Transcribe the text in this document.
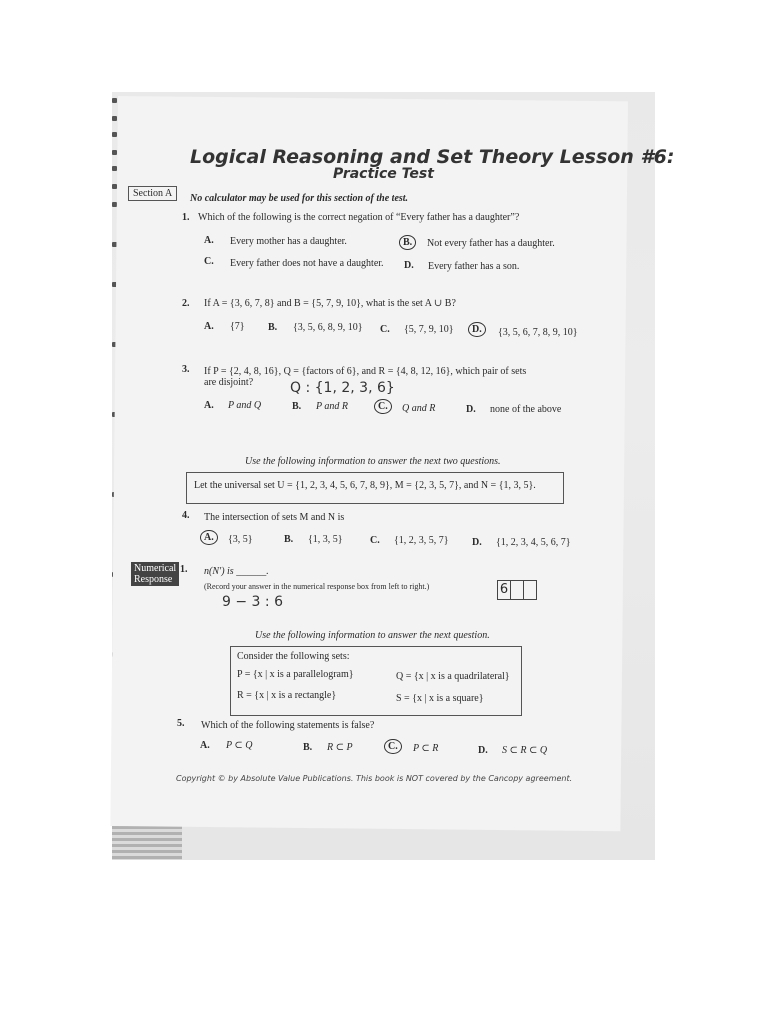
Logical Reasoning and Set Theory Lesson #6:
Practice Test
Section A	No calculator may be used for this section of the test.
1. Which of the following is the correct negation of “Every father has a daughter”?
A. Every mother has a daughter.	B.	Not every father has a daughter.
C. Every father does not have a daughter. D. Every father has a son.
2. If A = {3, 6, 7, 8} and B = {5, 7, 9, 10}, what is the set A ∪ B?
A. {7} B. {3, 5, 6, 8, 9, 10} C. {5, 7, 9, 10}	D.	{3, 5, 6, 7, 8, 9, 10}
3. If P = {2, 4, 8, 16}, Q = {factors of 6}, and R = {4, 8, 12, 16}, which pair of sets
are disjoint?	Q : {1, 2, 3, 6}
A. P and Q	B. P and R	C.	Q and R	D. none of the above
Use the following information to answer the next two questions.
Let the universal set U = {1, 2, 3, 4, 5, 6, 7, 8, 9}, M = {2, 3, 5, 7}, and N = {1, 3, 5}.
4. The intersection of sets M and N is
A.	{3, 5}	B. {1, 3, 5}	C. {1, 2, 3, 5, 7} D. {1, 2, 3, 4, 5, 6, 7}
Numerical
Response
1. n(N′) is ______.
(Record your answer in the numerical response box from left to right.)
9 − 3 : 6
6
Use the following information to answer the next question.
Consider the following sets:
P = {x | x is a parallelogram}	Q = {x | x is a quadrilateral}
R = {x | x is a rectangle}	S = {x | x is a square}
5. Which of the following statements is false?
A. P ⊂ Q	B. R ⊂ P	C.	P ⊂ R	D. S ⊂ R ⊂ Q
Copyright © by Absolute Value Publications. This book is NOT covered by the Cancopy agreement.
